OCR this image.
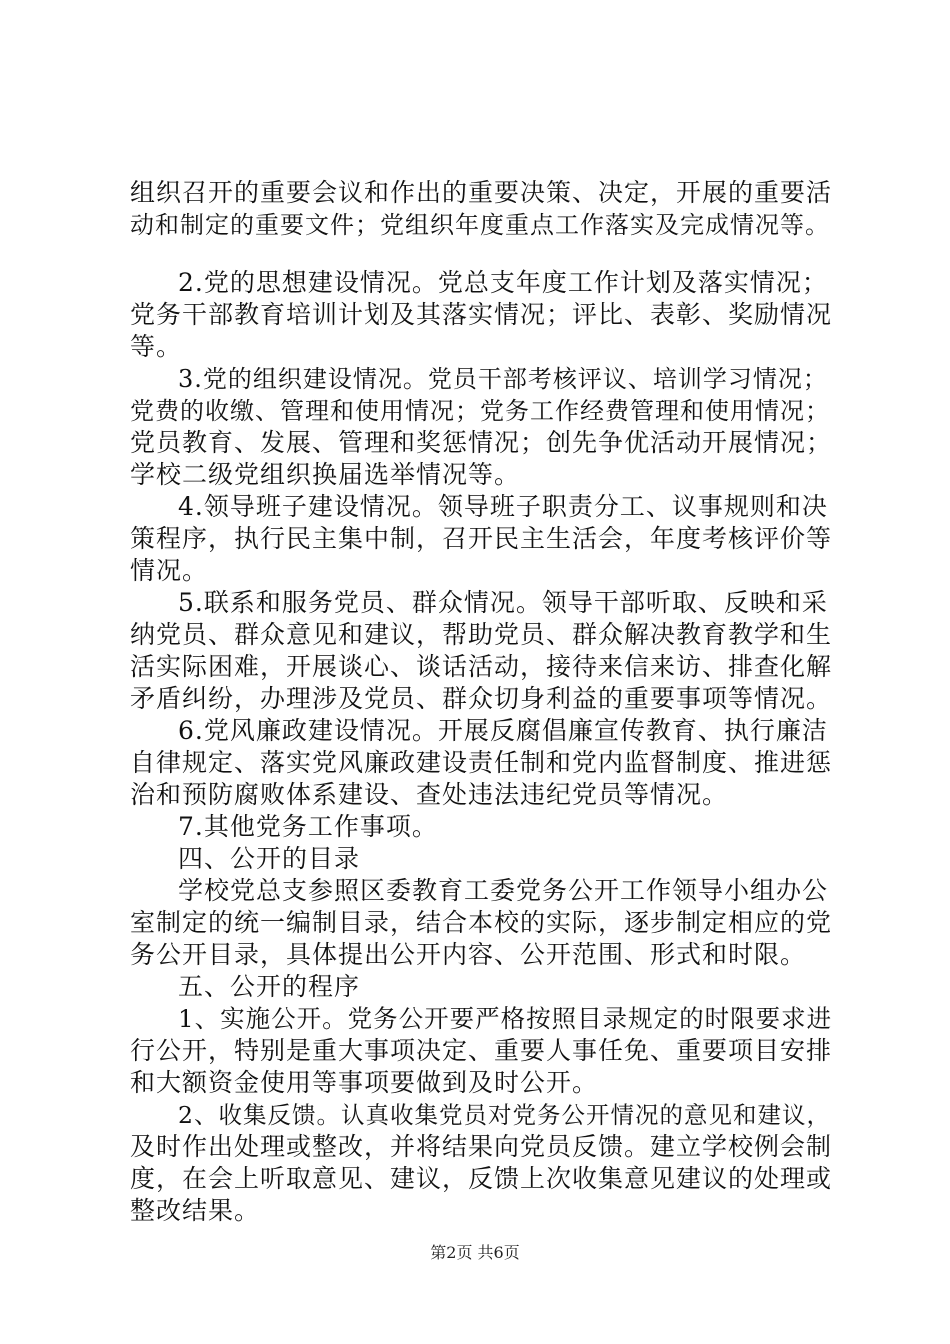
组织召开的重要会议和作出的重要决策、决定，开展的重要活
动和制定的重要文件；党组织年度重点工作落实及完成情况等。
2.党的思想建设情况。党总支年度工作计划及落实情况；
党务干部教育培训计划及其落实情况；评比、表彰、奖励情况
等。
3.党的组织建设情况。党员干部考核评议、培训学习情况；
党费的收缴、管理和使用情况；党务工作经费管理和使用情况；
党员教育、发展、管理和奖惩情况；创先争优活动开展情况；
学校二级党组织换届选举情况等。
4.领导班子建设情况。领导班子职责分工、议事规则和决
策程序，执行民主集中制，召开民主生活会，年度考核评价等
情况。
5.联系和服务党员、群众情况。领导干部听取、反映和采
纳党员、群众意见和建议，帮助党员、群众解决教育教学和生
活实际困难，开展谈心、谈话活动，接待来信来访、排查化解
矛盾纠纷，办理涉及党员、群众切身利益的重要事项等情况。
6.党风廉政建设情况。开展反腐倡廉宣传教育、执行廉洁
自律规定、落实党风廉政建设责任制和党内监督制度、推进惩
治和预防腐败体系建设、查处违法违纪党员等情况。
7.其他党务工作事项。
四、公开的目录
学校党总支参照区委教育工委党务公开工作领导小组办公
室制定的统一编制目录，结合本校的实际，逐步制定相应的党
务公开目录，具体提出公开内容、公开范围、形式和时限。
五、公开的程序
1、实施公开。党务公开要严格按照目录规定的时限要求进
行公开，特别是重大事项决定、重要人事任免、重要项目安排
和大额资金使用等事项要做到及时公开。
2、收集反馈。认真收集党员对党务公开情况的意见和建议，
及时作出处理或整改，并将结果向党员反馈。建立学校例会制
度，在会上听取意见、建议，反馈上次收集意见建议的处理或
整改结果。
第2页 共6页
